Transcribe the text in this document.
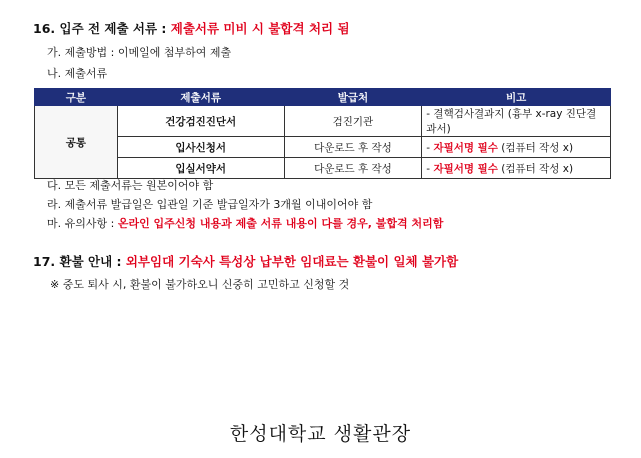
16. 입주 전 제출 서류 : 제출서류 미비 시 불합격 처리 됨
가. 제출방법 : 이메일에 첨부하여 제출
나. 제출서류
구분	제출서류	발급처	비고
공통	건강검진진단서	검진기관	- 결핵검사결과지 (흉부 x-ray 진단결과서)
	입사신청서	다운로드 후 작성	- 자필서명 필수 (컴퓨터 작성 x)
	입실서약서	다운로드 후 작성	- 자필서명 필수 (컴퓨터 작성 x)
다. 모든 제출서류는 원본이어야 함
라. 제출서류 발급일은 입관일 기준 발급일자가 3개월 이내이어야 함
마. 유의사항 : 온라인 입주신청 내용과 제출 서류 내용이 다를 경우, 불합격 처리함
17. 환불 안내 : 외부임대 기숙사 특성상 납부한 임대료는 환불이 일체 불가함
※ 중도 퇴사 시, 환불이 불가하오니 신중히 고민하고 신청할 것
한성대학교 생활관장
